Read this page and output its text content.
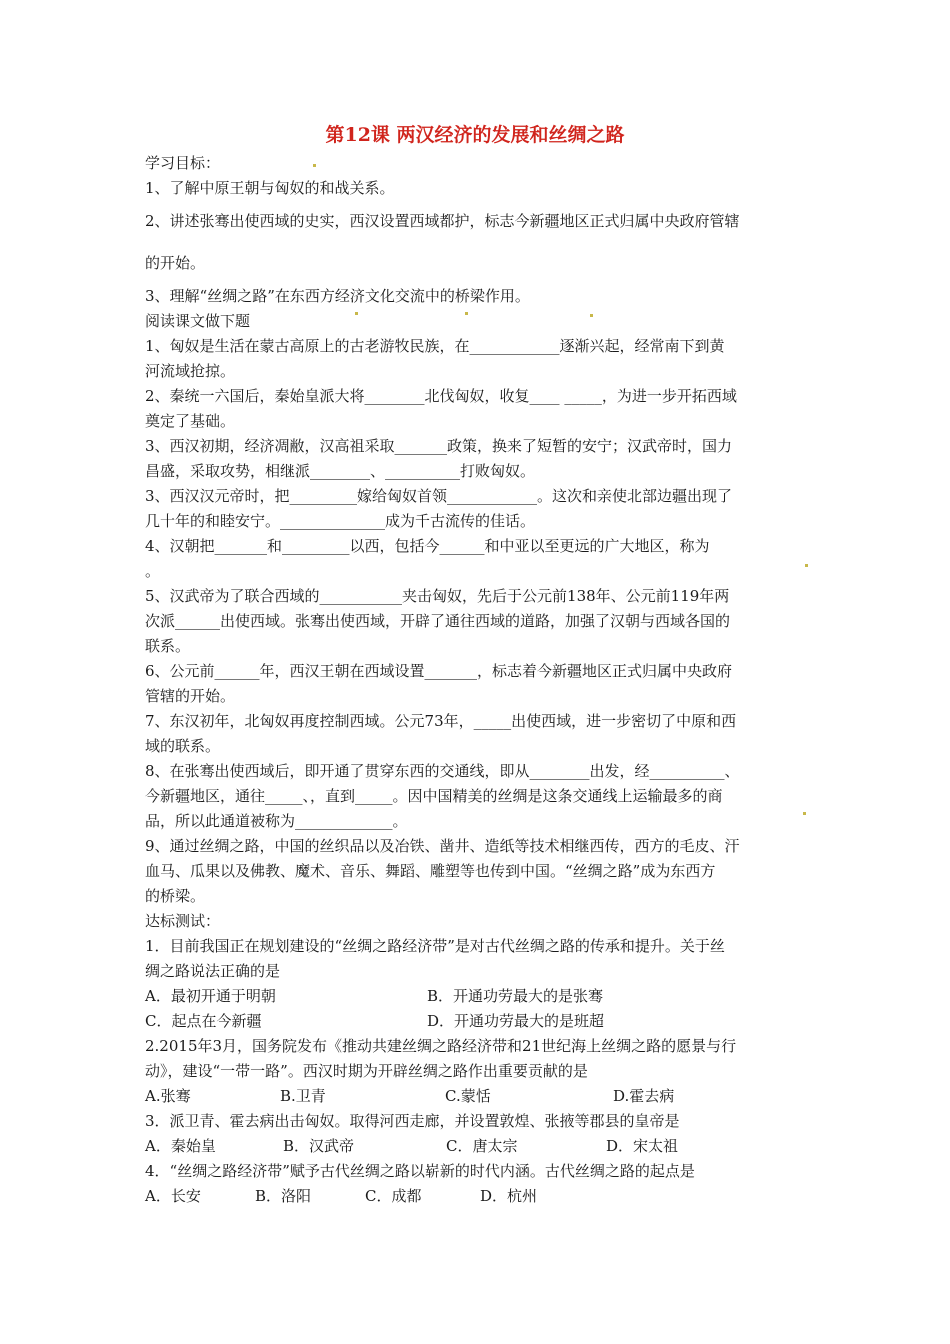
第12课 两汉经济的发展和丝绸之路
学习目标：
1、了解中原王朝与匈奴的和战关系。
2、讲述张骞出使西域的史实，西汉设置西域都护，标志今新疆地区正式归属中央政府管辖
的开始。
3、理解“丝绸之路”在东西方经济文化交流中的桥梁作用。
阅读课文做下题
1、匈奴是生活在蒙古高原上的古老游牧民族，在____________逐渐兴起，经常南下到黄
河流域抢掠。
2、秦统一六国后，秦始皇派大将________北伐匈奴，收复____ _____，为进一步开拓西域
奠定了基础。
3、西汉初期，经济凋敝，汉高祖采取_______政策，换来了短暂的安宁；汉武帝时，国力
昌盛，采取攻势，相继派________、__________打败匈奴。
3、西汉汉元帝时，把_________嫁给匈奴首领____________。这次和亲使北部边疆出现了
几十年的和睦安宁。______________成为千古流传的佳话。
4、汉朝把_______和_________以西，包括今______和中亚以至更远的广大地区，称为
。
5、汉武帝为了联合西域的___________夹击匈奴，先后于公元前138年、公元前119年两
次派______出使西域。张骞出使西域，开辟了通往西域的道路，加强了汉朝与西域各国的
联系。
6、公元前______年，西汉王朝在西域设置_______，标志着今新疆地区正式归属中央政府
管辖的开始。
7、东汉初年，北匈奴再度控制西域。公元73年，_____出使西域，进一步密切了中原和西
域的联系。
8、在张骞出使西域后，即开通了贯穿东西的交通线，即从________出发，经__________、
今新疆地区，通往_____、，直到_____。因中国精美的丝绸是这条交通线上运输最多的商
品，所以此通道被称为_____________。
9、通过丝绸之路，中国的丝织品以及冶铁、凿井、造纸等技术相继西传，西方的毛皮、汗
血马、瓜果以及佛教、魔术、音乐、舞蹈、雕塑等也传到中国。“丝绸之路”成为东西方
的桥梁。
达标测试：
1．目前我国正在规划建设的“丝绸之路经济带”是对古代丝绸之路的传承和提升。关于丝
绸之路说法正确的是
A．最初开通于明朝	B．开通功劳最大的是张骞
C．起点在今新疆	D．开通功劳最大的是班超
2.2015年3月，国务院发布《推动共建丝绸之路经济带和21世纪海上丝绸之路的愿景与行
动》，建设“一带一路”。西汉时期为开辟丝绸之路作出重要贡献的是
A.张骞	B.卫青	C.蒙恬	D.霍去病
3．派卫青、霍去病出击匈奴。取得河西走廊，并设置敦煌、张掖等郡县的皇帝是
A．秦始皇	B．汉武帝	C．唐太宗	D．宋太祖
4．“丝绸之路经济带”赋予古代丝绸之路以崭新的时代内涵。古代丝绸之路的起点是
A．长安	B．洛阳	C．成都	D．杭州
